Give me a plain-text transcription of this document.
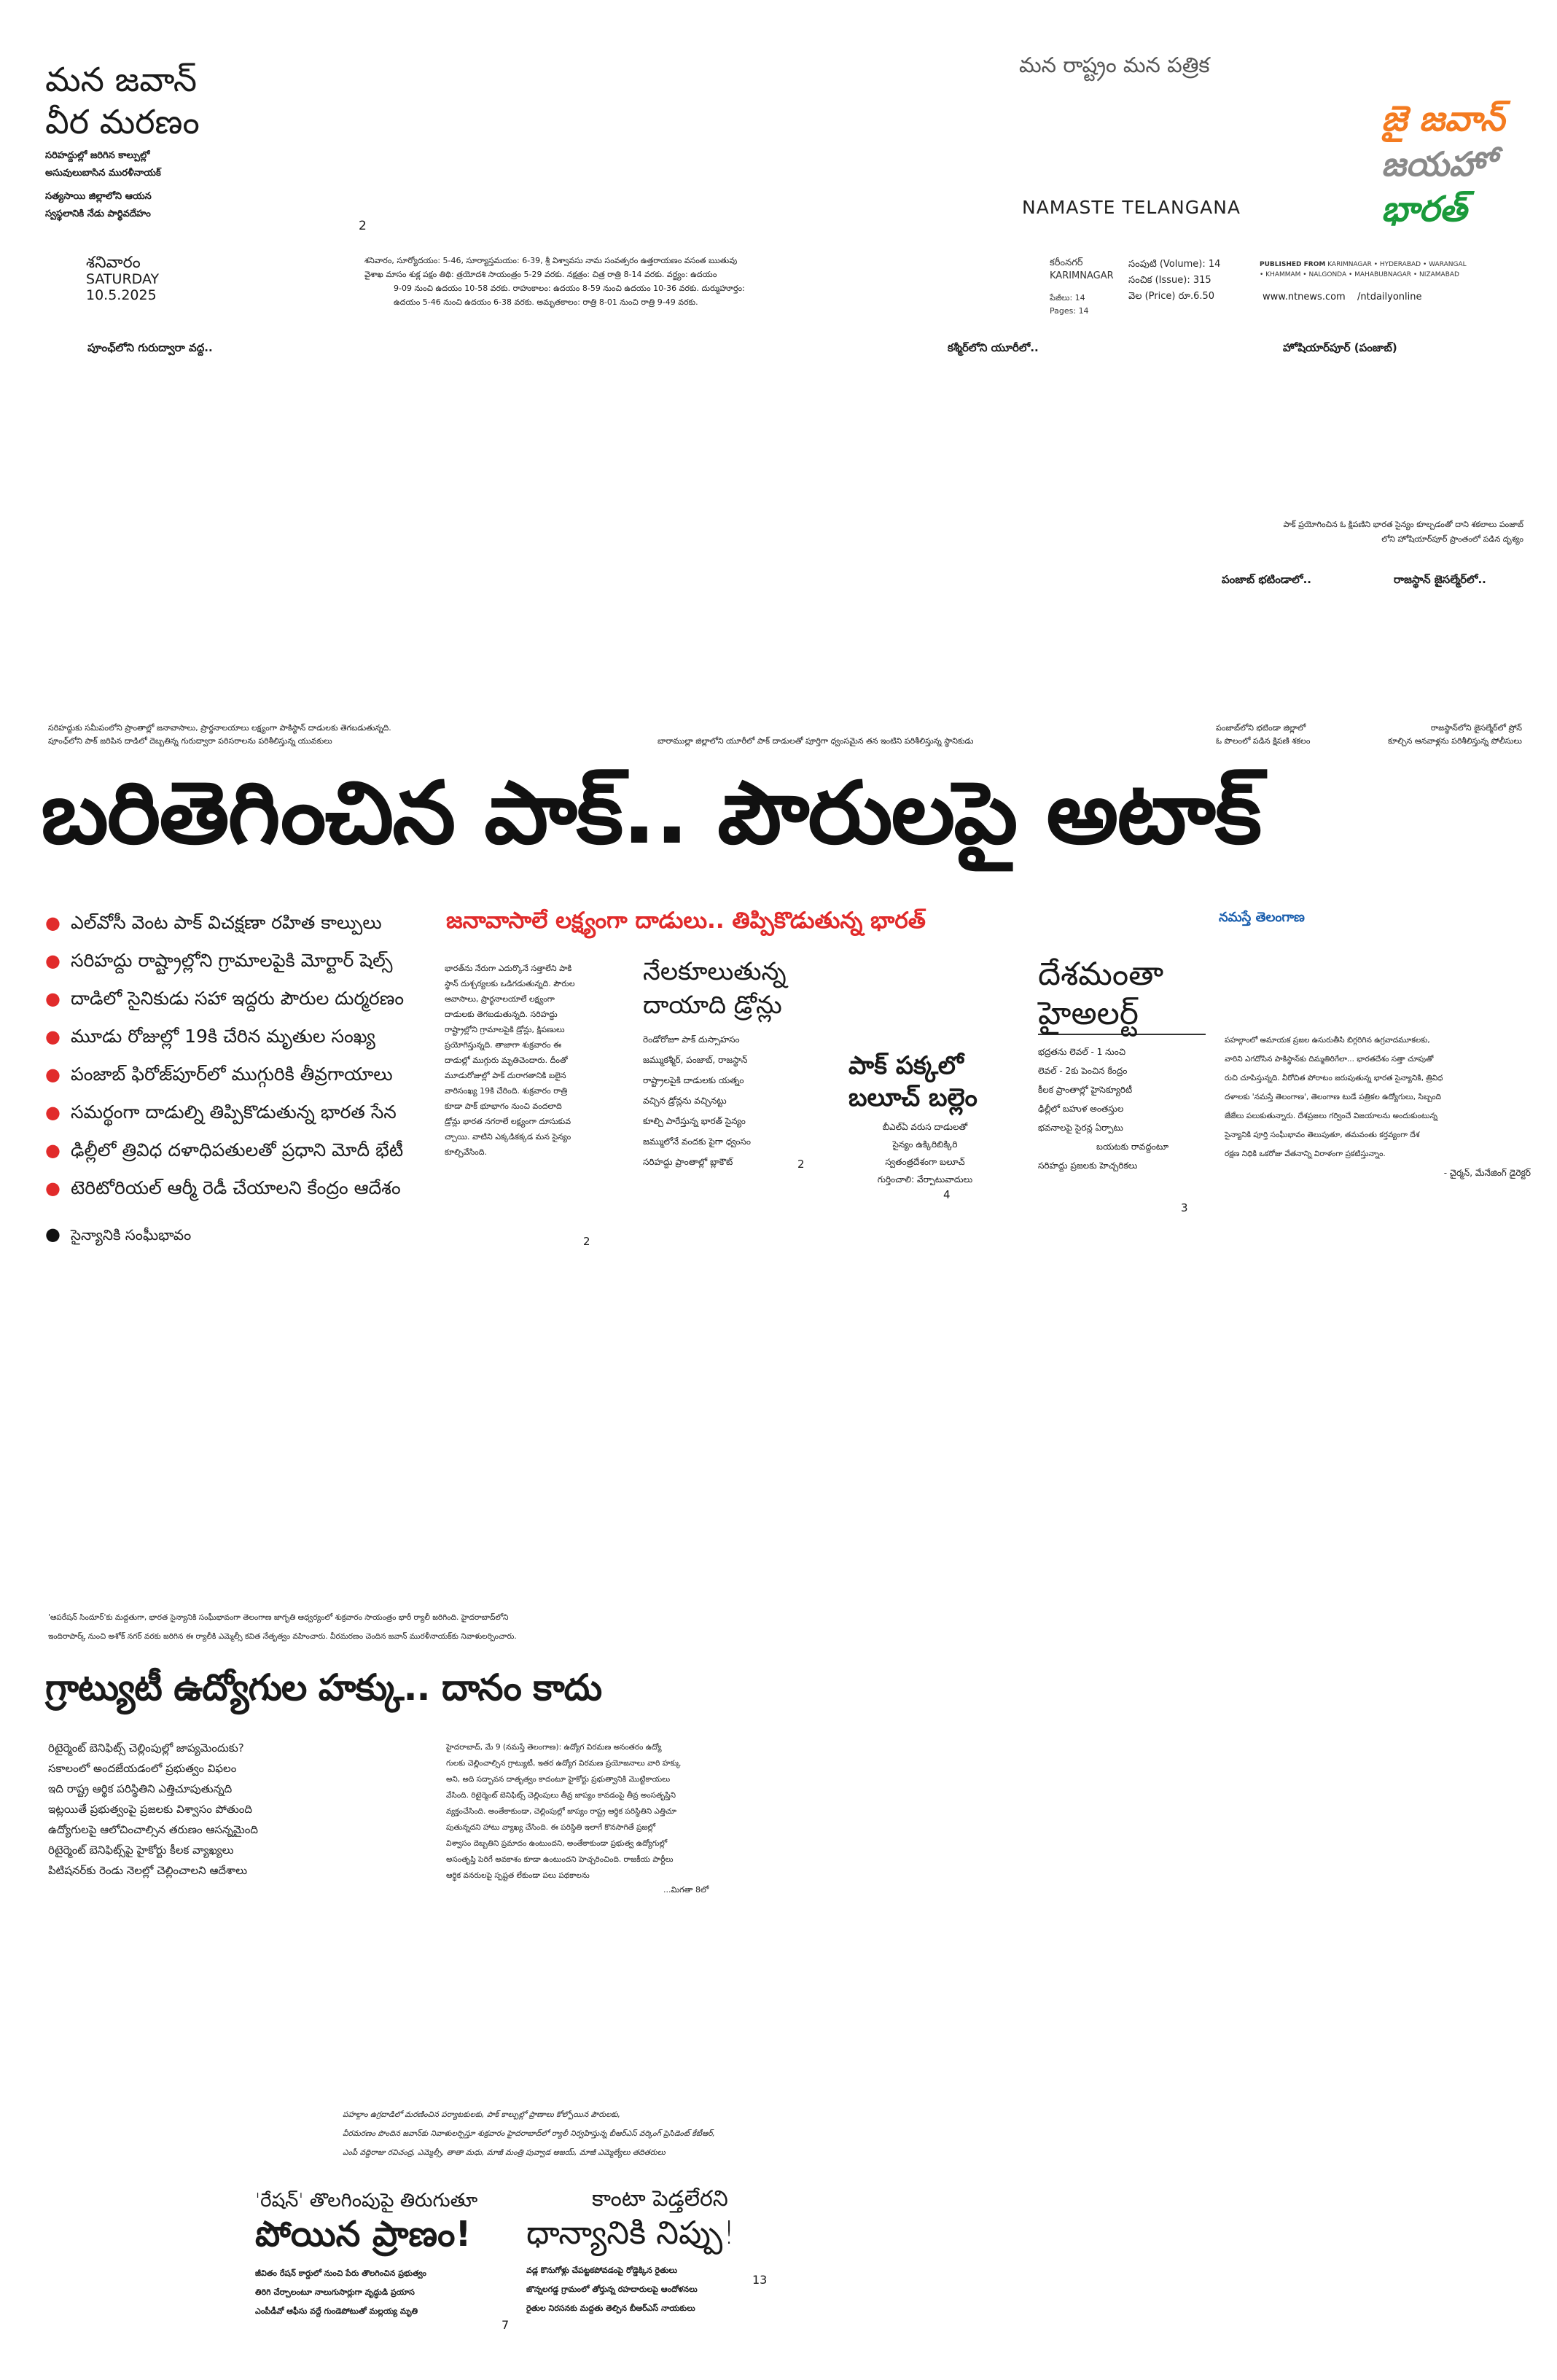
మన జవాన్
వీర మరణం
సరిహద్దుల్లో జరిగిన కాల్పుల్లో
అసువులుబాసిన మురళీనాయక్
సత్యసాయి జిల్లాలోని ఆయన
స్వస్థలానికి నేడు పార్థివదేహం
2
మన రాష్ట్రం మన పత్రిక
NAMASTE TELANGANA
జై జవాన్
జయహో
భారత్
శనివారం
SATURDAY
10.5.2025
శనివారం, సూర్యోదయం: 5-46, సూర్యాస్తమయం: 6-39, శ్రీ విశ్వావసు నామ సంవత్సరం ఉత్తరాయణం వసంత ఋతువు
వైశాఖ మాసం శుక్ల పక్షం తిథి: త్రయోదశి సాయంత్రం 5-29 వరకు. నక్షత్రం: చిత్ర రాత్రి 8-14 వరకు. వర్జ్యం: ఉదయం
9-09 నుంచి ఉదయం 10-58 వరకు. రాహుకాలం: ఉదయం 8-59 నుంచి ఉదయం 10-36 వరకు. దుర్ముహూర్తం:
ఉదయం 5-46 నుంచి ఉదయం 6-38 వరకు. అమృతకాలం: రాత్రి 8-01 నుంచి రాత్రి 9-49 వరకు.
కరీంనగర్
KARIMNAGAR
పేజీలు: 14
Pages: 14
సంపుటి (Volume): 14
సంచిక (Issue): 315
వెల (Price) రూ.6.50
PUBLISHED FROM KARIMNAGAR • HYDERABAD • WARANGAL
• KHAMMAM • NALGONDA • MAHABUBNAGAR • NIZAMABAD
www.ntnews.com /ntdailyonline
పూంఛ్‌లోని గురుద్వారా వద్ద..	కశ్మీర్‌లోని యూరీలో..	హోషియార్‌పూర్ (పంజాబ్)
పాక్ ప్రయోగించిన ఓ క్షిపణిని భారత సైన్యం కూల్చడంతో దాని శకలాలు పంజాబ్
లోని హోషియార్‌పూర్ ప్రాంతంలో పడిన దృశ్యం
పంజాబ్ భటిండాలో..	రాజస్థాన్ జైసల్మేర్‌లో..
సరిహద్దుకు సమీపంలోని ప్రాంతాల్లో జనావాసాలు, ప్రార్థనాలయాలు లక్ష్యంగా పాకిస్థాన్ దాడులకు తెగబడుతున్నది.
పూంఛ్‌లోని పాక్ జరిపిన దాడిలో దెబ్బతిన్న గురుద్వారా పరిసరాలను పరిశీలిస్తున్న యువకులు	బారాముల్లా జిల్లాలోని యూరీలో పాక్ దాడులతో పూర్తిగా ధ్వంసమైన తన ఇంటిని పరిశీలిస్తున్న స్థానికుడు
పంజాబ్‌లోని భటిండా జిల్లాలో
ఓ పొలంలో పడిన క్షిపణి శకలం
రాజస్థాన్‌లోని జైసల్మేర్‌లో ప్రోన్
కూల్చిన ఆనవాళ్లను పరిశీలిస్తున్న పోలీసులు
బరితెగించిన పాక్.. పౌరులపై అటాక్
జనావాసాలే లక్ష్యంగా దాడులు.. తిప్పికొడుతున్న భారత్	నమస్తే తెలంగాణ
● ఎల్‌వోసీ వెంట పాక్ విచక్షణా రహిత కాల్పులు
● సరిహద్దు రాష్ట్రాల్లోని గ్రామాలపైకి మోర్టార్ షెల్స్
● దాడిలో సైనికుడు సహా ఇద్దరు పౌరుల దుర్మరణం
● మూడు రోజుల్లో 19కి చేరిన మృతుల సంఖ్య
● పంజాబ్ ఫిరోజ్‌పూర్‌లో ముగ్గురికి తీవ్రగాయాలు
● సమర్థంగా దాడుల్ని తిప్పికొడుతున్న భారత సేన
● ఢిల్లీలో త్రివిధ దళాధిపతులతో ప్రధాని మోదీ భేటీ
● టెరిటోరియల్ ఆర్మీ రెడీ చేయాలని కేంద్రం ఆదేశం
● సైన్యానికి సంఘీభావం
భారత్‌ను నేరుగా ఎదుర్కొనే సత్తాలేని పాకి
స్థాన్ దుశ్చర్యలకు ఒడిగడుతున్నది. పౌరుల
ఆవాసాలు, ప్రార్థనాలయాలే లక్ష్యంగా
దాడులకు తెగబడుతున్నది. సరిహద్దు
రాష్ట్రాల్లోని గ్రామాలపైకి డ్రోన్లు, క్షిపణులు
ప్రయోగిస్తున్నది. తాజాగా శుక్రవారం ఈ
దాడుల్లో ముగ్గురు మృతిచెందారు. దీంతో
మూడురోజుల్లో పాక్ దురాగతానికి బలైన
వారిసంఖ్య 19కి చేరింది. శుక్రవారం రాత్రి
కూడా పాక్ భూభాగం నుంచి వందలాది
డ్రోన్లు భారత నగరాలే లక్ష్యంగా దూసుకువ
చ్చాయి. వాటిని ఎక్కడికక్కడ మన సైన్యం
కూల్చివేసింది.
2
నేలకూలుతున్న
దాయాది డ్రోన్లు
రెండోరోజూ పాక్ దుస్సాహసం
జమ్ముకశ్మీర్, పంజాబ్, రాజస్థాన్
రాష్ట్రాలపైకి దాడులకు యత్నం
వచ్చిన డ్రోన్లను వచ్చినట్టు
కూల్చి పారేస్తున్న భారత్ సైన్యం
జమ్ములోనే వందకు పైగా ధ్వంసం
సరిహద్దు ప్రాంతాల్లో బ్లాకౌట్	2
పాక్ పక్కలో
బలూచ్ బల్లెం
బీఎల్ఏ వరుస దాడులతో
సైన్యం ఉక్కిరిబిక్కిరి
స్వతంత్రదేశంగా బలూచ్
గుర్తించాలి: వేర్పాటువాదులు
4
దేశమంతా
హైఅలర్ట్
భద్రతను లెవల్ - 1 నుంచి
లెవల్ - 2కు పెంచిన కేంద్రం
కీలక ప్రాంతాల్లో హైసెక్యూరిటీ
ఢిల్లీలో బహుళ అంతస్తుల
భవనాలపై సైరన్ల ఏర్పాటు
బయటకు రావద్దంటూ
సరిహద్దు ప్రజలకు హెచ్చరికలు
3
పహల్గాంలో అమాయక ప్రజల ఉసురుతీసి బిగ్గరిగిన ఉగ్రవాదమూకలకు,
వారిని ఎగదోసిన పాకిస్థాన్‌కు దిమ్మతిరిగేలా... భారతదేశం సత్తా చూపుతో
రుచి చూపిస్తున్నది. వీరోచిత పోరాటం జరుపుతున్న భారత సైన్యానికి, త్రివిధ
దళాలకు 'నమస్తే తెలంగాణ', తెలంగాణ టుడే పత్రికల ఉద్యోగులు, సిబ్బంది
జేజేలు పలుకుతున్నారు. దేశప్రజలు గర్వించే విజయాలను అందుకుంటున్న
సైన్యానికి పూర్తి సంఘీభావం తెలుపుతూ, తమవంతు కర్తవ్యంగా దేశ
రక్షణ నిధికి ఒకరోజు వేతనాన్ని విరాళంగా ప్రకటిస్తున్నాం.
- చైర్మన్, మేనేజింగ్ డైరెక్టర్
'ఆపరేషన్ సిందూర్'కు మద్దతుగా, భారత సైన్యానికి సంఘీభావంగా తెలంగాణ జాగృతి ఆధ్వర్యంలో శుక్రవారం సాయంత్రం భారీ ర్యాలీ జరిగింది. హైదరాబాద్‌లోని
ఇందిరాపార్క్ నుంచి అశోక్ నగర్ వరకు జరిగిన ఈ ర్యాలీకి ఎమ్మెల్సీ కవిత నేతృత్వం వహించారు. వీరమరణం చెందిన జవాన్ మురళీనాయక్‌కు నివాళులర్పించారు.
గ్రాట్యుటీ ఉద్యోగుల హక్కు.. దానం కాదు
రిటైర్మెంట్ బెనిఫిట్స్ చెల్లింపుల్లో జాప్యమెందుకు?
సకాలంలో అందజేయడంలో ప్రభుత్వం విఫలం
ఇది రాష్ట్ర ఆర్థిక పరిస్థితిని ఎత్తిచూపుతున్నది
ఇట్లయితే ప్రభుత్వంపై ప్రజలకు విశ్వాసం పోతుంది
ఉద్యోగులపై ఆలోచించాల్సిన తరుణం ఆసన్నమైంది
రిటైర్మెంట్ బెనిఫిట్స్‌పై హైకోర్టు కీలక వ్యాఖ్యలు
పిటిషనర్‌కు రెండు నెలల్లో చెల్లించాలని ఆదేశాలు
హైదరాబాద్, మే 9 (నమస్తే తెలంగాణ): ఉద్యోగ విరమణ అనంతరం ఉద్యో
గులకు చెల్లించాల్సిన గ్రాట్యుటీ, ఇతర ఉద్యోగ విరమణ ప్రయోజనాలు వారి హక్కు
అని, అది సద్భావన దాతృత్వం కాదంటూ హైకోర్టు ప్రభుత్వానికి మొట్టికాయలు
వేసింది. రిటైర్మెంట్ బెనిఫిట్స్ చెల్లింపులు తీవ్ర జాప్యం కావడంపై తీవ్ర అంసతృప్తిని
వ్యక్తంచేసింది. అంతేకాకుండా, చెల్లింపుల్లో జాప్యం రాష్ట్ర ఆర్థిక పరిస్థితిని ఎత్తిచూ
పుతున్నదని హాటు వ్యాఖ్య చేసింది. ఈ పరిస్థితి ఇలాగే కొనసాగితే ప్రజల్లో
విశ్వాసం దెబ్బతిని ప్రమాదం ఉంటుందని, అంతేకాకుండా ప్రభుత్వ ఉద్యోగుల్లో
అసంతృప్తి పెరిగే అవకాశం కూడా ఉంటుందని హెచ్చరించింది. రాజకీయ పార్టీలు
ఆర్థిక వనరులపై స్పష్టత లేకుండా పలు పథకాలను
...మిగతా 8లో
పహల్గాం ఉగ్రదాడిలో మరణించిన పర్యాటకులకు, పాక్ కాల్పుల్లో ప్రాణాలు కోల్పోయిన పౌరులకు,
వీరమరణం పొందిన జవాన్‌కు నివాళులర్పిస్తూ శుక్రవారం హైదరాబాద్‌లో ర్యాలీ నిర్వహిస్తున్న బీఆర్ఎస్ వర్కింగ్ ప్రెసిడెంట్ కేటీఆర్,
ఎంపీ వద్దిరాజు రవిచంద్ర, ఎమ్మెల్సీ, తాతా మధు, మాజీ మంత్రి పువ్వాడ అజయ్, మాజీ ఎమ్మెల్యేలు తదితరులు
'రేషన్' తొలగింపుపై తిరుగుతూ
పోయిన ప్రాణం!
జీవితం రేషన్ కార్డులో నుంచి పేరు తొలగించిన ప్రభుత్వం
తిరిగి చేర్చాలంటూ నాలుగుసార్లుగా వృద్ధుడి ప్రయాస
ఎంపీడీవో ఆఫీసు వద్దే గుండెపోటుతో మల్లయ్య మృతి
7
కాంటా పెడ్తలేరని
ధాన్యానికి నిప్పు!
వడ్ల కొనుగోళ్లు చేపట్టకపోవడంపై రోడ్డెక్కిన రైతులు
జొన్నలగడ్డ గ్రామంలో తోర్తున్న రహదారులపై ఆందోళనలు
రైతుల నిరసనకు మద్దతు తెల్పిన బీఆర్ఎస్ నాయకులు
13
